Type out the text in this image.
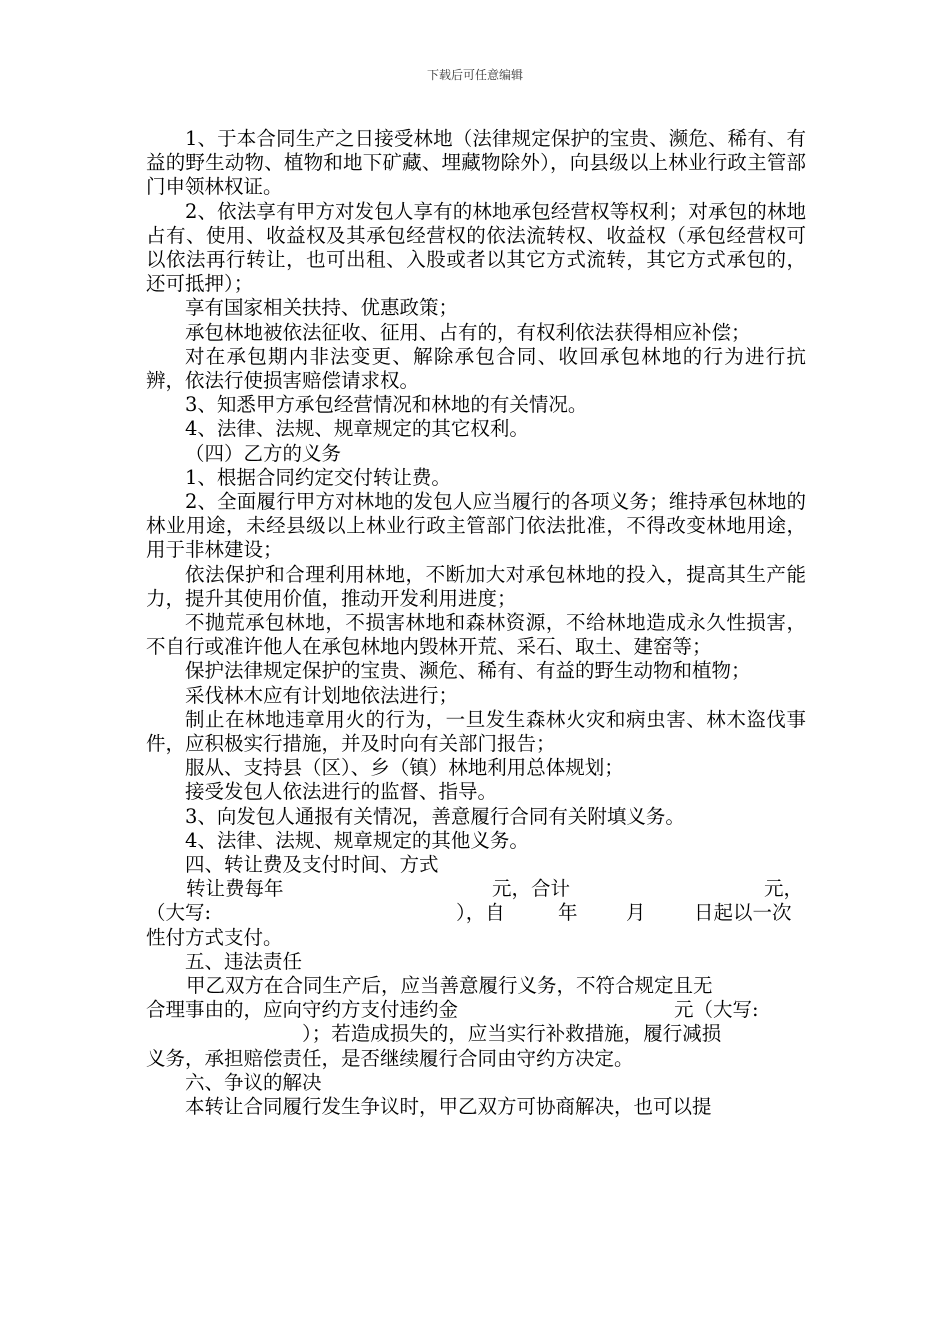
下载后可任意编辑

1、于本合同生产之日接受林地（法律规定保护的宝贵、濒危、稀有、有益的野生动物、植物和地下矿藏、埋藏物除外），向县级以上林业行政主管部门申领林权证。

2、依法享有甲方对发包人享有的林地承包经营权等权利；对承包的林地占有、使用、收益权及其承包经营权的依法流转权、收益权（承包经营权可以依法再行转让，也可出租、入股或者以其它方式流转，其它方式承包的，还可抵押）；

享有国家相关扶持、优惠政策；

承包林地被依法征收、征用、占有的，有权利依法获得相应补偿；

对在承包期内非法变更、解除承包合同、收回承包林地的行为进行抗辨，依法行使损害赔偿请求权。

3、知悉甲方承包经营情况和林地的有关情况。

4、法律、法规、规章规定的其它权利。

（四）乙方的义务

1、根据合同约定交付转让费。

2、全面履行甲方对林地的发包人应当履行的各项义务；维持承包林地的林业用途，未经县级以上林业行政主管部门依法批准，不得改变林地用途，用于非林建设；

依法保护和合理利用林地，不断加大对承包林地的投入，提高其生产能力，提升其使用价值，推动开发利用进度；

不抛荒承包林地，不损害林地和森林资源，不给林地造成永久性损害，不自行或准许他人在承包林地内毁林开荒、采石、取土、建窑等；

保护法律规定保护的宝贵、濒危、稀有、有益的野生动物和植物；

采伐林木应有计划地依法进行；

制止在林地违章用火的行为，一旦发生森林火灾和病虫害、林木盗伐事件，应积极实行措施，并及时向有关部门报告；

服从、支持县（区）、乡（镇）林地利用总体规划；

接受发包人依法进行的监督、指导。

3、向发包人通报有关情况，善意履行合同有关附填义务。

4、法律、法规、规章规定的其他义务。

四、转让费及支付时间、方式

转让费每年	元，合计	元，
（大写:	），自	年 月 日起以一次

性付方式支付。

五、违法责任

甲乙双方在合同生产后，应当善意履行义务，不符合规定且无
合理事由的，应向守约方支付违约金	元（大写:
）；若造成损失的，应当实行补救措施，履行减损
义务，承担赔偿责任，是否继续履行合同由守约方决定。

六、争议的解决

本转让合同履行发生争议时，甲乙双方可协商解决，也可以提
